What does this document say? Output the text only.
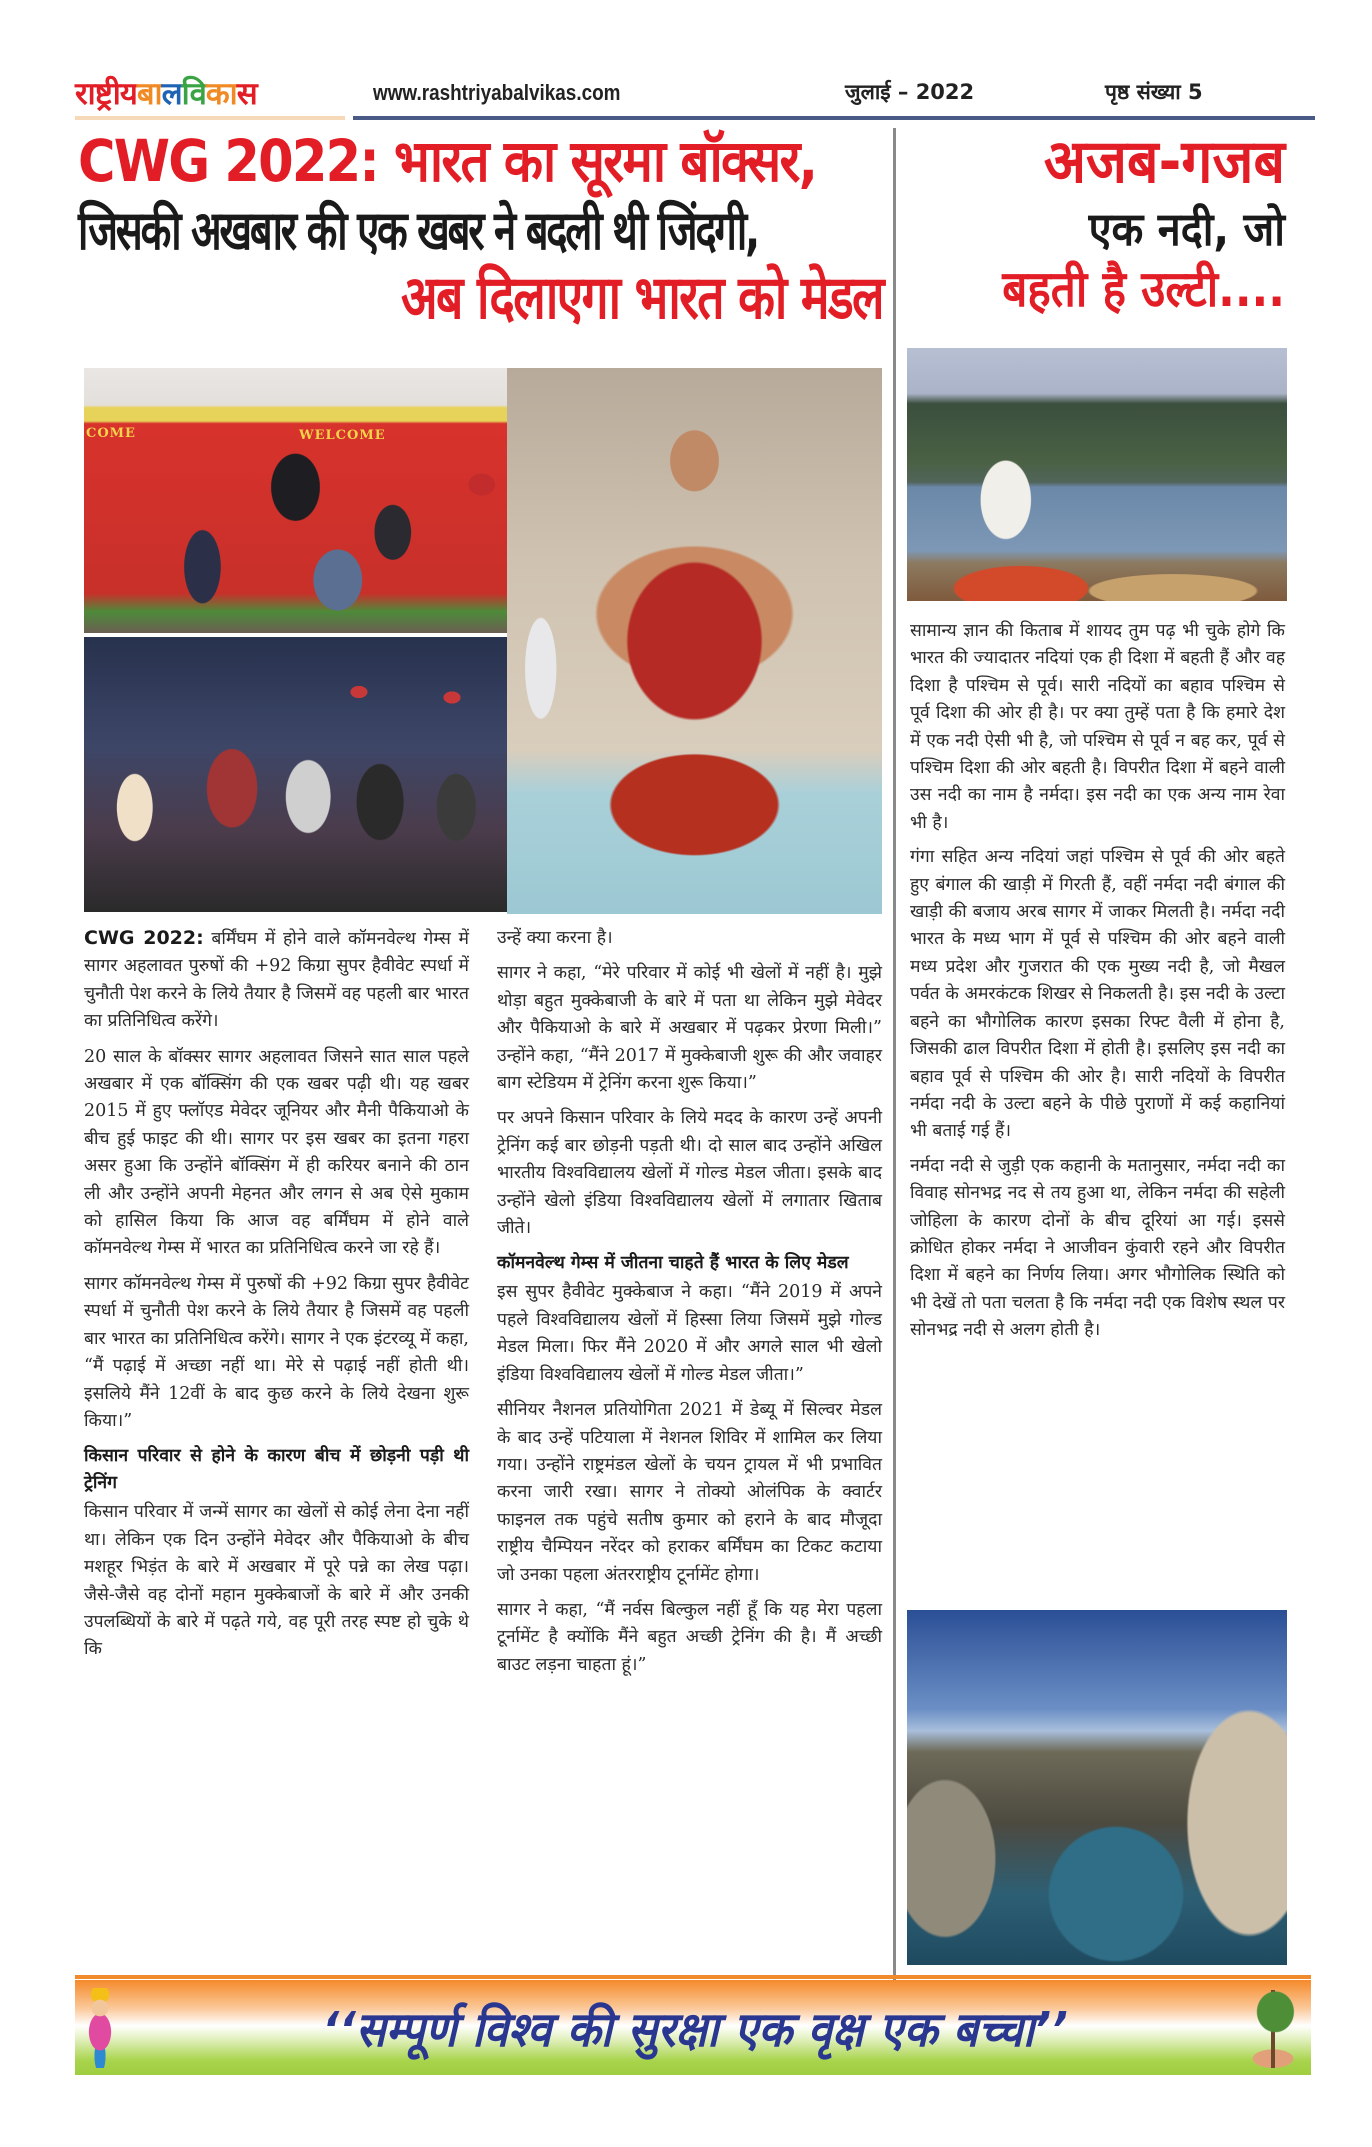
राष्ट्रीयबालविकास	www.rashtriyabalvikas.com	जुलाई – 2022	पृष्ठ संख्या 5
CWG 2022: भारत का सूरमा बॉक्सर,
जिसकी अखबार की एक खबर ने बदली थी जिंदगी,
अब दिलाएगा भारत को मेडल
COME	WELCOME

CWG 2022: बर्मिंघम में होने वाले कॉमनवेल्थ गेम्स में सागर अहलावत पुरुषों की +92 किग्रा सुपर हैवीवेट स्पर्धा में चुनौती पेश करने के लिये तैयार है जिसमें वह पहली बार भारत का प्रतिनिधित्व करेंगे।

20 साल के बॉक्सर सागर अहलावत जिसने सात साल पहले अखबार में एक बॉक्सिंग की एक खबर पढ़ी थी। यह खबर 2015 में हुए फ्लॉएड मेवेदर जूनियर और मैनी पैकियाओ के बीच हुई फाइट की थी। सागर पर इस खबर का इतना गहरा असर हुआ कि उन्होंने बॉक्सिंग में ही करियर बनाने की ठान ली और उन्होंने अपनी मेहनत और लगन से अब ऐसे मुकाम को हासिल किया कि आज वह बर्मिंघम में होने वाले कॉमनवेल्थ गेम्स में भारत का प्रतिनिधित्व करने जा रहे हैं।

सागर कॉमनवेल्थ गेम्स में पुरुषों की +92 किग्रा सुपर हैवीवेट स्पर्धा में चुनौती पेश करने के लिये तैयार है जिसमें वह पहली बार भारत का प्रतिनिधित्व करेंगे। सागर ने एक इंटरव्यू में कहा, “मैं पढ़ाई में अच्छा नहीं था। मेरे से पढ़ाई नहीं होती थी। इसलिये मैंने 12वीं के बाद कुछ करने के लिये देखना शुरू किया।”

किसान परिवार से होने के कारण बीच में छोड़नी पड़ी थी ट्रेनिंग

किसान परिवार में जन्में सागर का खेलों से कोई लेना देना नहीं था। लेकिन एक दिन उन्होंने मेवेदर और पैकियाओ के बीच मशहूर भिड़ंत के बारे में अखबार में पूरे पन्ने का लेख पढ़ा। जैसे-जैसे वह दोनों महान मुक्केबाजों के बारे में और उनकी उपलब्धियों के बारे में पढ़ते गये, वह पूरी तरह स्पष्ट हो चुके थे कि

उन्हें क्या करना है।

सागर ने कहा, “मेरे परिवार में कोई भी खेलों में नहीं है। मुझे थोड़ा बहुत मुक्केबाजी के बारे में पता था लेकिन मुझे मेवेदर और पैकियाओ के बारे में अखबार में पढ़कर प्रेरणा मिली।” उन्होंने कहा, “मैंने 2017 में मुक्केबाजी शुरू की और जवाहर बाग स्टेडियम में ट्रेनिंग करना शुरू किया।”

पर अपने किसान परिवार के लिये मदद के कारण उन्हें अपनी ट्रेनिंग कई बार छोड़नी पड़ती थी। दो साल बाद उन्होंने अखिल भारतीय विश्वविद्यालय खेलों में गोल्ड मेडल जीता। इसके बाद उन्होंने खेलो इंडिया विश्वविद्यालय खेलों में लगातार खिताब जीते।

कॉमनवेल्थ गेम्स में जीतना चाहते हैं भारत के लिए मेडल

इस सुपर हैवीवेट मुक्केबाज ने कहा। “मैंने 2019 में अपने पहले विश्वविद्यालय खेलों में हिस्सा लिया जिसमें मुझे गोल्ड मेडल मिला। फिर मैंने 2020 में और अगले साल भी खेलो इंडिया विश्वविद्यालय खेलों में गोल्ड मेडल जीता।”

सीनियर नैशनल प्रतियोगिता 2021 में डेब्यू में सिल्वर मेडल के बाद उन्हें पटियाला में नेशनल शिविर में शामिल कर लिया गया। उन्होंने राष्ट्रमंडल खेलों के चयन ट्रायल में भी प्रभावित करना जारी रखा। सागर ने तोक्यो ओलंपिक के क्वार्टर फाइनल तक पहुंचे सतीष कुमार को हराने के बाद मौजूदा राष्ट्रीय चैम्पियन नरेंदर को हराकर बर्मिंघम का टिकट कटाया जो उनका पहला अंतरराष्ट्रीय टूर्नामेंट होगा।

सागर ने कहा, “मैं नर्वस बिल्कुल नहीं हूँ कि यह मेरा पहला टूर्नामेंट है क्योंकि मैंने बहुत अच्छी ट्रेनिंग की है। मैं अच्छी बाउट लड़ना चाहता हूं।”

अजब-गजब
एक नदी, जो
बहती है उल्टी....

सामान्य ज्ञान की किताब में शायद तुम पढ़ भी चुके होगे कि भारत की ज्यादातर नदियां एक ही दिशा में बहती हैं और वह दिशा है पश्चिम से पूर्व। सारी नदियों का बहाव पश्चिम से पूर्व दिशा की ओर ही है। पर क्या तुम्हें पता है कि हमारे देश में एक नदी ऐसी भी है, जो पश्चिम से पूर्व न बह कर, पूर्व से पश्चिम दिशा की ओर बहती है। विपरीत दिशा में बहने वाली उस नदी का नाम है नर्मदा। इस नदी का एक अन्य नाम रेवा भी है।

गंगा सहित अन्य नदियां जहां पश्चिम से पूर्व की ओर बहते हुए बंगाल की खाड़ी में गिरती हैं, वहीं नर्मदा नदी बंगाल की खाड़ी की बजाय अरब सागर में जाकर मिलती है। नर्मदा नदी भारत के मध्य भाग में पूर्व से पश्चिम की ओर बहने वाली मध्य प्रदेश और गुजरात की एक मुख्य नदी है, जो मैखल पर्वत के अमरकंटक शिखर से निकलती है। इस नदी के उल्टा बहने का भौगोलिक कारण इसका रिफ्ट वैली में होना है, जिसकी ढाल विपरीत दिशा में होती है। इसलिए इस नदी का बहाव पूर्व से पश्चिम की ओर है। सारी नदियों के विपरीत नर्मदा नदी के उल्टा बहने के पीछे पुराणों में कई कहानियां भी बताई गई हैं।

नर्मदा नदी से जुड़ी एक कहानी के मतानुसार, नर्मदा नदी का विवाह सोनभद्र नद से तय हुआ था, लेकिन नर्मदा की सहेली जोहिला के कारण दोनों के बीच दूरियां आ गई। इससे क्रोधित होकर नर्मदा ने आजीवन कुंवारी रहने और विपरीत दिशा में बहने का निर्णय लिया। अगर भौगोलिक स्थिति को भी देखें तो पता चलता है कि नर्मदा नदी एक विशेष स्थल पर सोनभद्र नदी से अलग होती है।

‘‘सम्पूर्ण विश्व की सुरक्षा एक वृक्ष एक बच्चा’’
